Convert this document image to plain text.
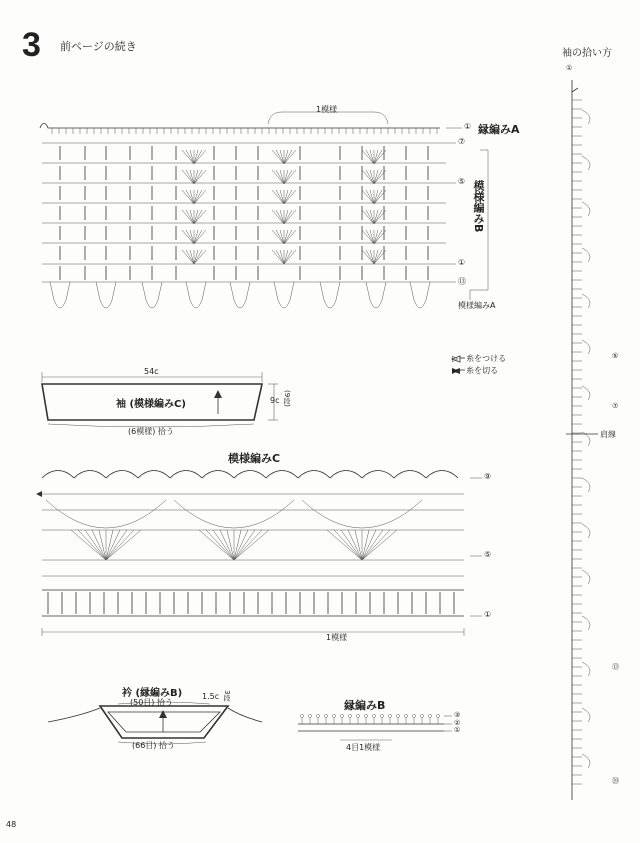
3 前ページの続き
1模様
① 縁編みA
⑦
⑤ 模様編みB
①
⑬
模様編みA
▷＝糸をつける
▶＝糸を切る
54c
袖 (模様編みC)
(6模様) 拾う
9c (9段)
模様編みC
⑨
⑤
①
1模様
衿 (縁編みB)
(50目) 拾う
(66目) 拾う
1.5c 3段
縁編みB
③
②
①
4目1模様
袖の拾い方
①
⑤
⑦
⑬
⑳
肩線
48
